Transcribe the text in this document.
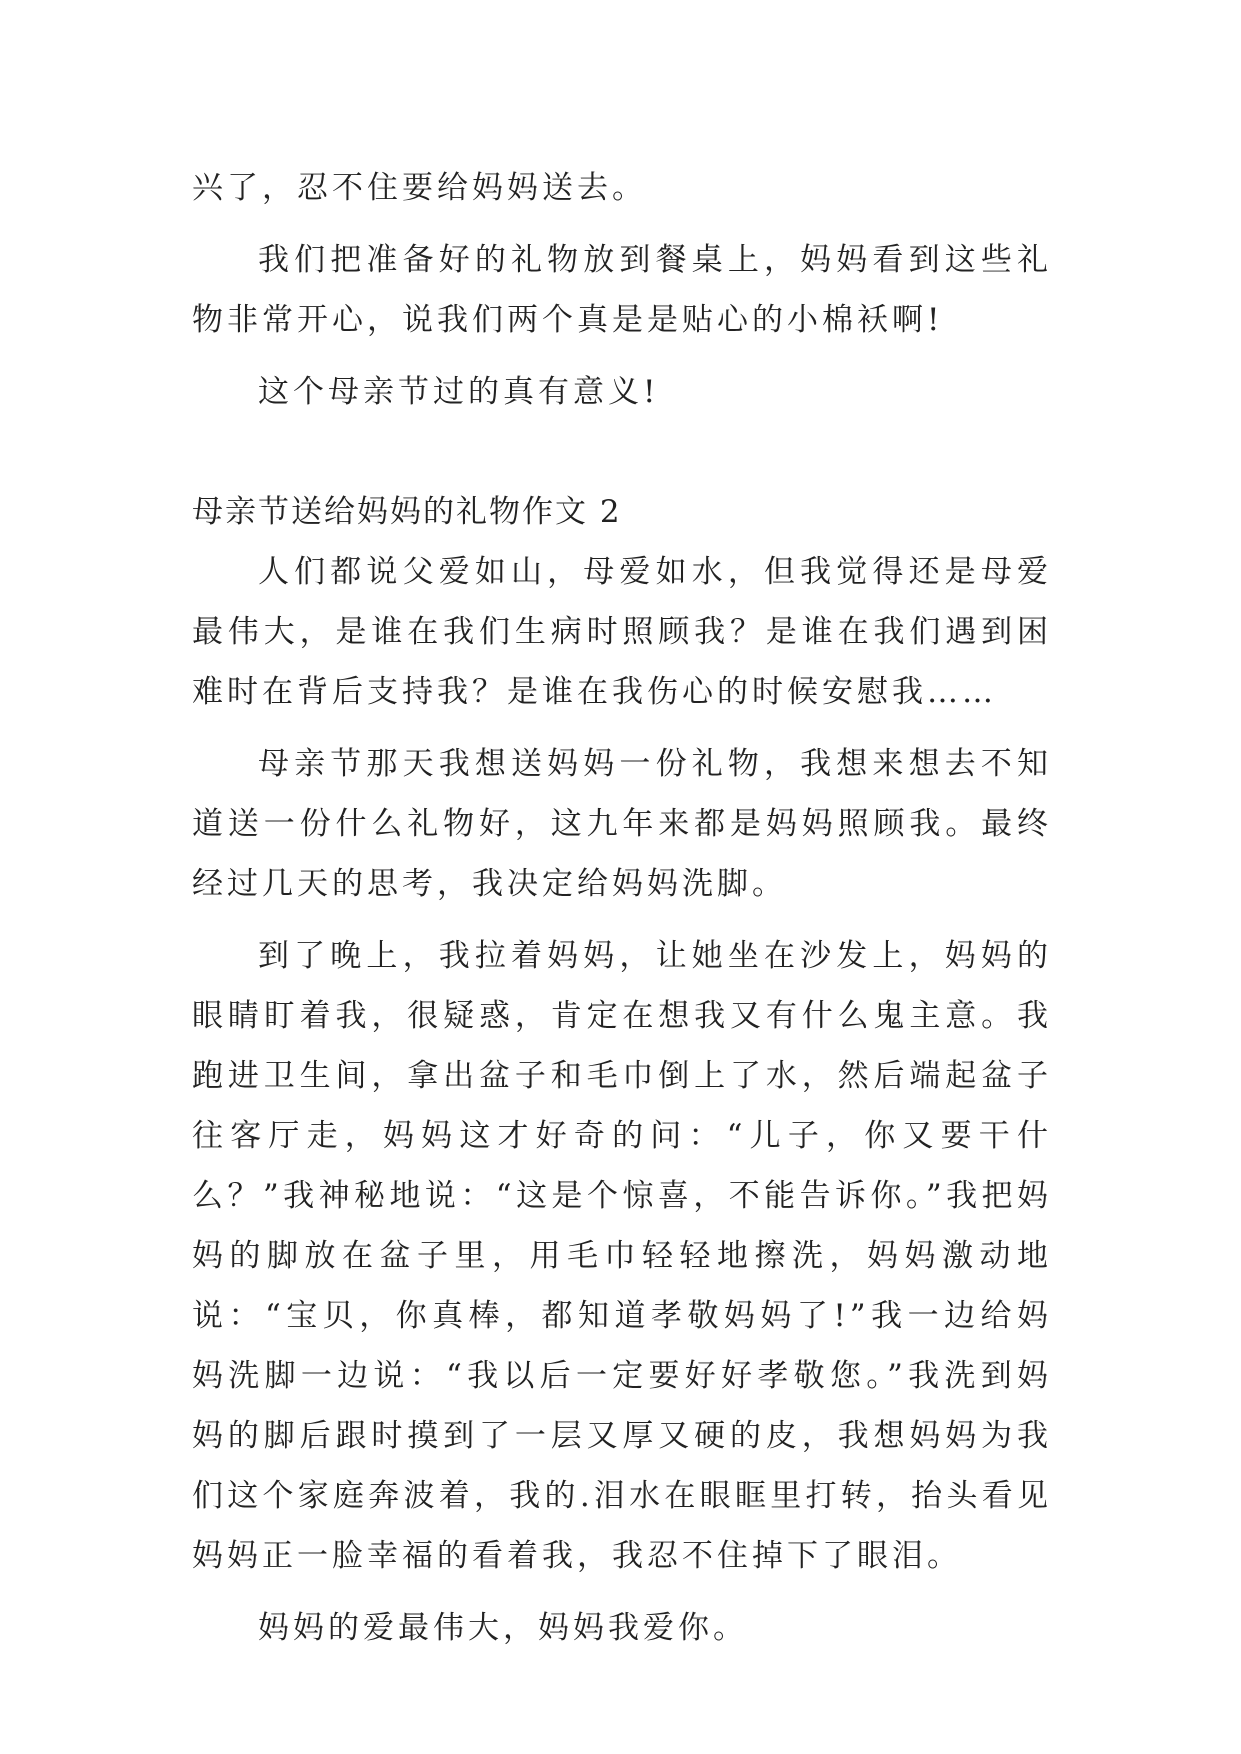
兴了，忍不住要给妈妈送去。

我们把准备好的礼物放到餐桌上，妈妈看到这些礼物非常开心，说我们两个真是是贴心的小棉袄啊!

这个母亲节过的真有意义!

母亲节送给妈妈的礼物作文 2

人们都说父爱如山，母爱如水，但我觉得还是母爱最伟大，是谁在我们生病时照顾我？是谁在我们遇到困难时在背后支持我？是谁在我伤心的时候安慰我……

母亲节那天我想送妈妈一份礼物，我想来想去不知道送一份什么礼物好，这九年来都是妈妈照顾我。最终经过几天的思考，我决定给妈妈洗脚。

到了晚上，我拉着妈妈，让她坐在沙发上，妈妈的眼睛盯着我，很疑惑，肯定在想我又有什么鬼主意。我跑进卫生间，拿出盆子和毛巾倒上了水，然后端起盆子往客厅走，妈妈这才好奇的问：“儿子，你又要干什么？”我神秘地说：“这是个惊喜，不能告诉你。”我把妈妈的脚放在盆子里，用毛巾轻轻地擦洗，妈妈激动地说：“宝贝，你真棒，都知道孝敬妈妈了!”我一边给妈妈洗脚一边说：“我以后一定要好好孝敬您。”我洗到妈妈的脚后跟时摸到了一层又厚又硬的皮，我想妈妈为我们这个家庭奔波着，我的.泪水在眼眶里打转，抬头看见妈妈正一脸幸福的看着我，我忍不住掉下了眼泪。

妈妈的爱最伟大，妈妈我爱你。
